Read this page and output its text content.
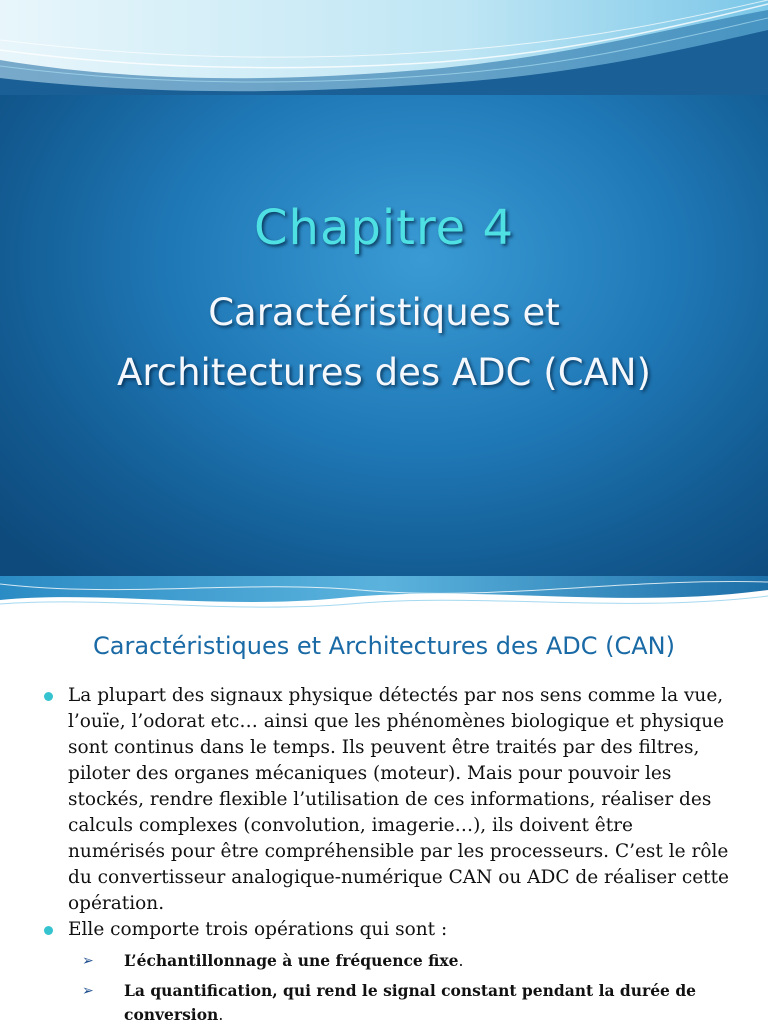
Chapitre 4
Caractéristiques et
Architectures des ADC (CAN)
Caractéristiques et Architectures des ADC (CAN)
La plupart des signaux physique détectés par nos sens comme la vue, l’ouïe, l’odorat etc… ainsi que les phénomènes biologique et physique sont continus dans le temps. Ils peuvent être traités par des filtres, piloter des organes mécaniques (moteur). Mais pour pouvoir les stockés, rendre flexible l’utilisation de ces informations, réaliser des calculs complexes (convolution, imagerie…), ils doivent être numérisés pour être compréhensible par les processeurs. C’est le rôle du convertisseur analogique-numérique CAN ou ADC de réaliser cette opération.
Elle comporte trois opérations qui sont :
➢ L’échantillonnage à une fréquence fixe.
➢ La quantification, qui rend le signal constant pendant la durée de conversion.
